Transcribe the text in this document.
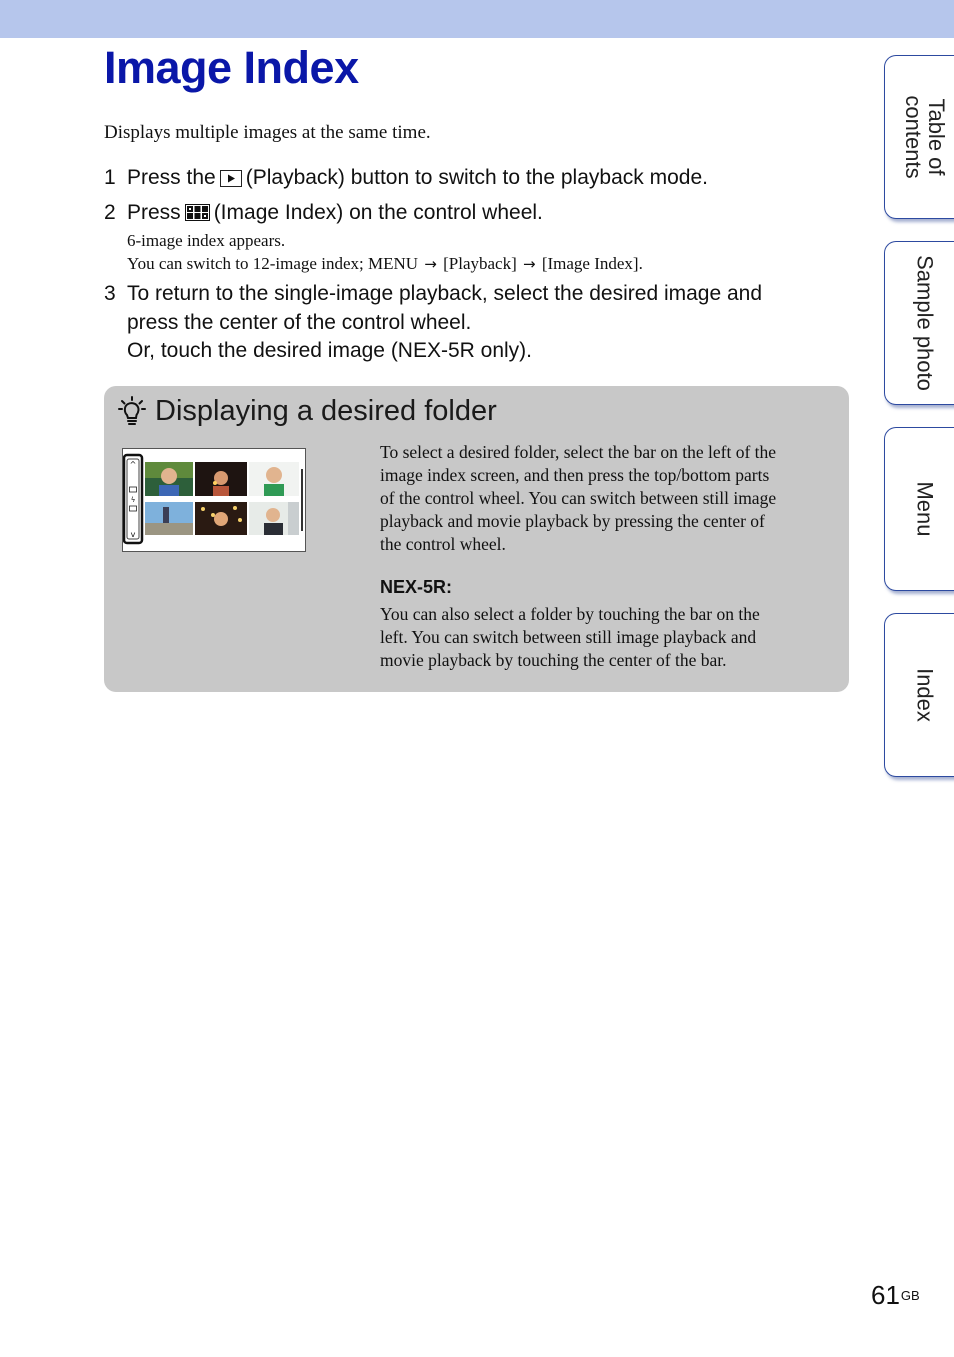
Image Index
Displays multiple images at the same time.
1 Press the (Playback) button to switch to the playback mode.
2 Press (Image Index) on the control wheel.
6-image index appears.
You can switch to 12-image index; MENU → [Playback] → [Image Index].
3 To return to the single-image playback, select the desired image and
press the center of the control wheel.
Or, touch the desired image (NEX-5R only).
Displaying a desired folder
^
ϟ
v
To select a desired folder, select the bar on the left of the
image index screen, and then press the top/bottom parts
of the control wheel. You can switch between still image
playback and movie playback by pressing the center of
the control wheel.
NEX-5R:
You can also select a folder by touching the bar on the
left. You can switch between still image playback and
movie playback by touching the center of the bar.
Table of
contents
Sample photo
Menu
Index
$61^{GB}$
